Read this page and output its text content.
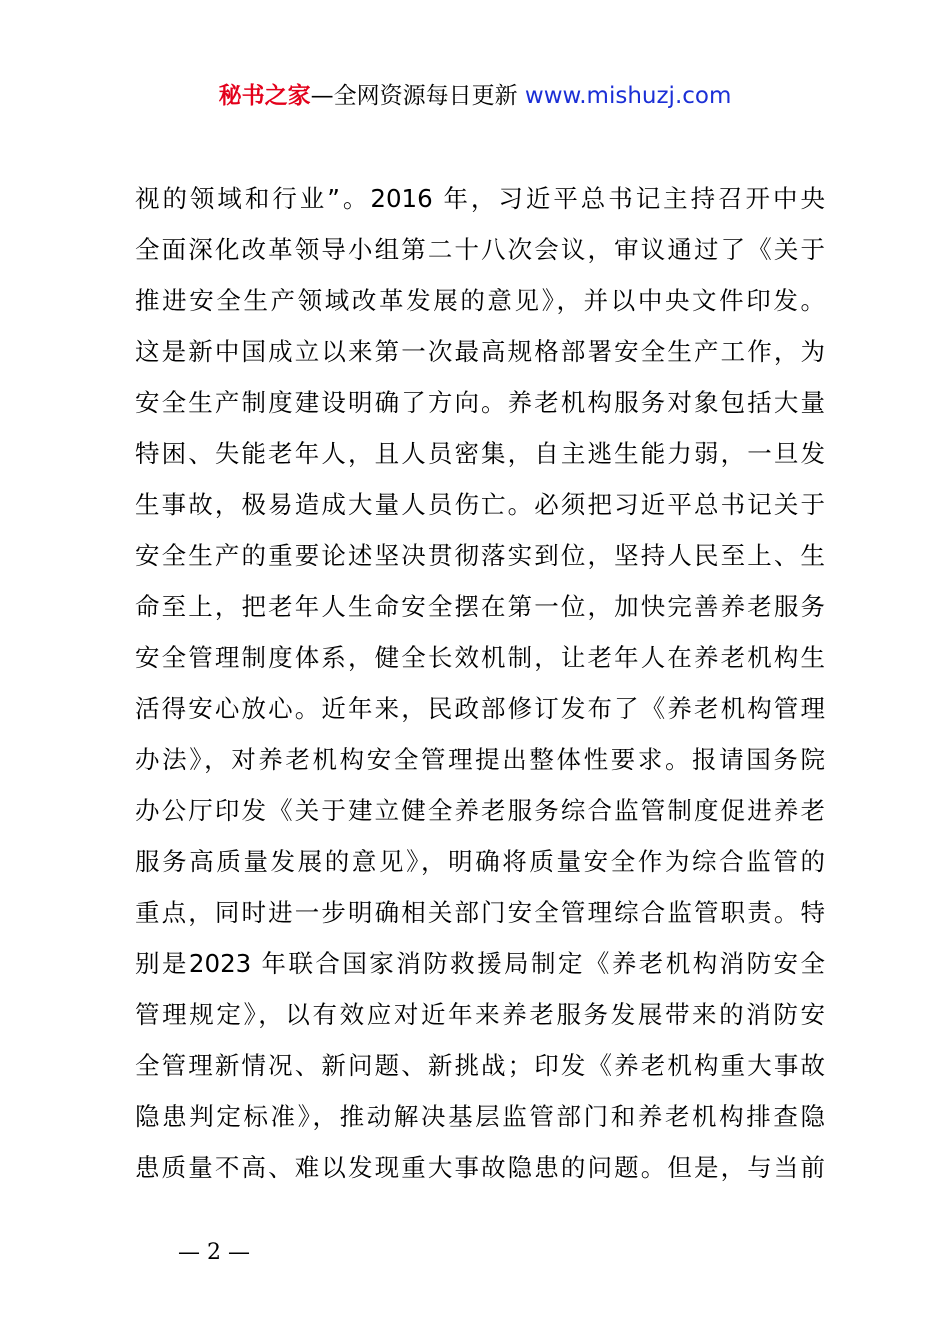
秘书之家—全网资源每日更新 www.mishuzj.com
视的领域和行业”。2016 年，习近平总书记主持召开中央
全面深化改革领导小组第二十八次会议，审议通过了《关于
推进安全生产领域改革发展的意见》，并以中央文件印发。
这是新中国成立以来第一次最高规格部署安全生产工作，为
安全生产制度建设明确了方向。养老机构服务对象包括大量
特困、失能老年人，且人员密集，自主逃生能力弱，一旦发
生事故，极易造成大量人员伤亡。必须把习近平总书记关于
安全生产的重要论述坚决贯彻落实到位，坚持人民至上、生
命至上，把老年人生命安全摆在第一位，加快完善养老服务
安全管理制度体系，健全长效机制，让老年人在养老机构生
活得安心放心。近年来，民政部修订发布了《养老机构管理
办法》，对养老机构安全管理提出整体性要求。报请国务院
办公厅印发《关于建立健全养老服务综合监管制度促进养老
服务高质量发展的意见》，明确将质量安全作为综合监管的
重点，同时进一步明确相关部门安全管理综合监管职责。特
别是2023 年联合国家消防救援局制定《养老机构消防安全
管理规定》，以有效应对近年来养老服务发展带来的消防安
全管理新情况、新问题、新挑战；印发《养老机构重大事故
隐患判定标准》，推动解决基层监管部门和养老机构排查隐
患质量不高、难以发现重大事故隐患的问题。但是，与当前
— 2 —
